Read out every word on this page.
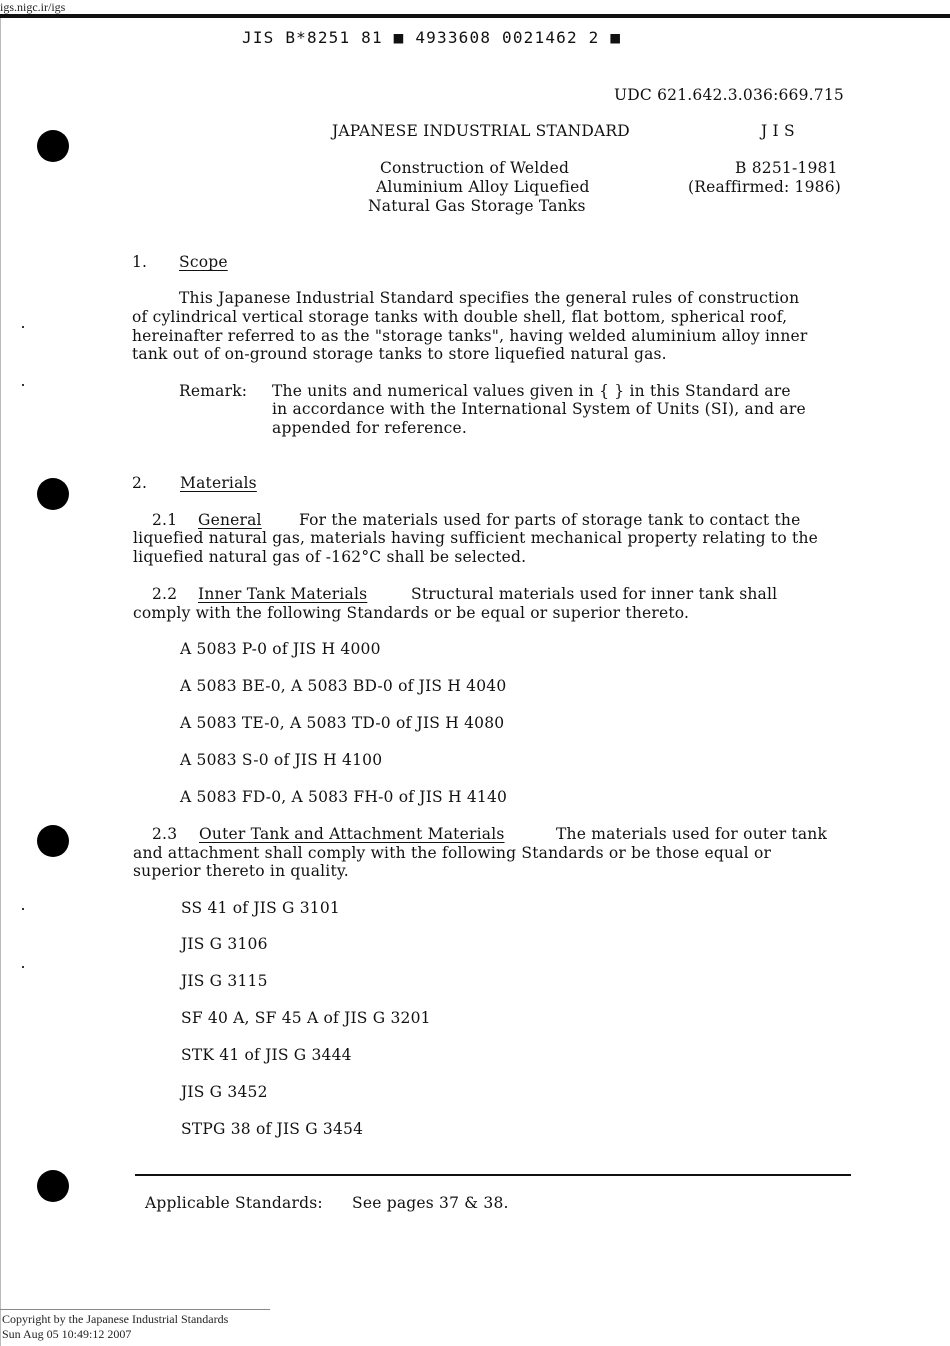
igs.nigc.ir/igs
JIS B*8251 81 ■ 4933608 0021462 2 ■
UDC 621.642.3.036:669.715
JAPANESE INDUSTRIAL STANDARD	J I S
Construction of Welded
Aluminium Alloy Liquefied
Natural Gas Storage Tanks
B 8251-1981
(Reaffirmed: 1986)
1. Scope
This Japanese Industrial Standard specifies the general rules of construction
of cylindrical vertical storage tanks with double shell, flat bottom, spherical roof,
hereinafter referred to as the "storage tanks", having welded aluminium alloy inner
tank out of on-ground storage tanks to store liquefied natural gas.
Remark: The units and numerical values given in { } in this Standard are
in accordance with the International System of Units (SI), and are
appended for reference.
2. Materials
2.1 General For the materials used for parts of storage tank to contact the
liquefied natural gas, materials having sufficient mechanical property relating to the
liquefied natural gas of -162°C shall be selected.
2.2 Inner Tank Materials	Structural materials used for inner tank shall
comply with the following Standards or be equal or superior thereto.
A 5083 P-0 of JIS H 4000
A 5083 BE-0, A 5083 BD-0 of JIS H 4040
A 5083 TE-0, A 5083 TD-0 of JIS H 4080
A 5083 S-0 of JIS H 4100
A 5083 FD-0, A 5083 FH-0 of JIS H 4140
2.3 Outer Tank and Attachment Materials	The materials used for outer tank
and attachment shall comply with the following Standards or be those equal or
superior thereto in quality.
SS 41 of JIS G 3101
JIS G 3106
JIS G 3115
SF 40 A, SF 45 A of JIS G 3201
STK 41 of JIS G 3444
JIS G 3452
STPG 38 of JIS G 3454
Applicable Standards: See pages 37 & 38.
Copyright by the Japanese Industrial Standards
Sun Aug 05 10:49:12 2007
